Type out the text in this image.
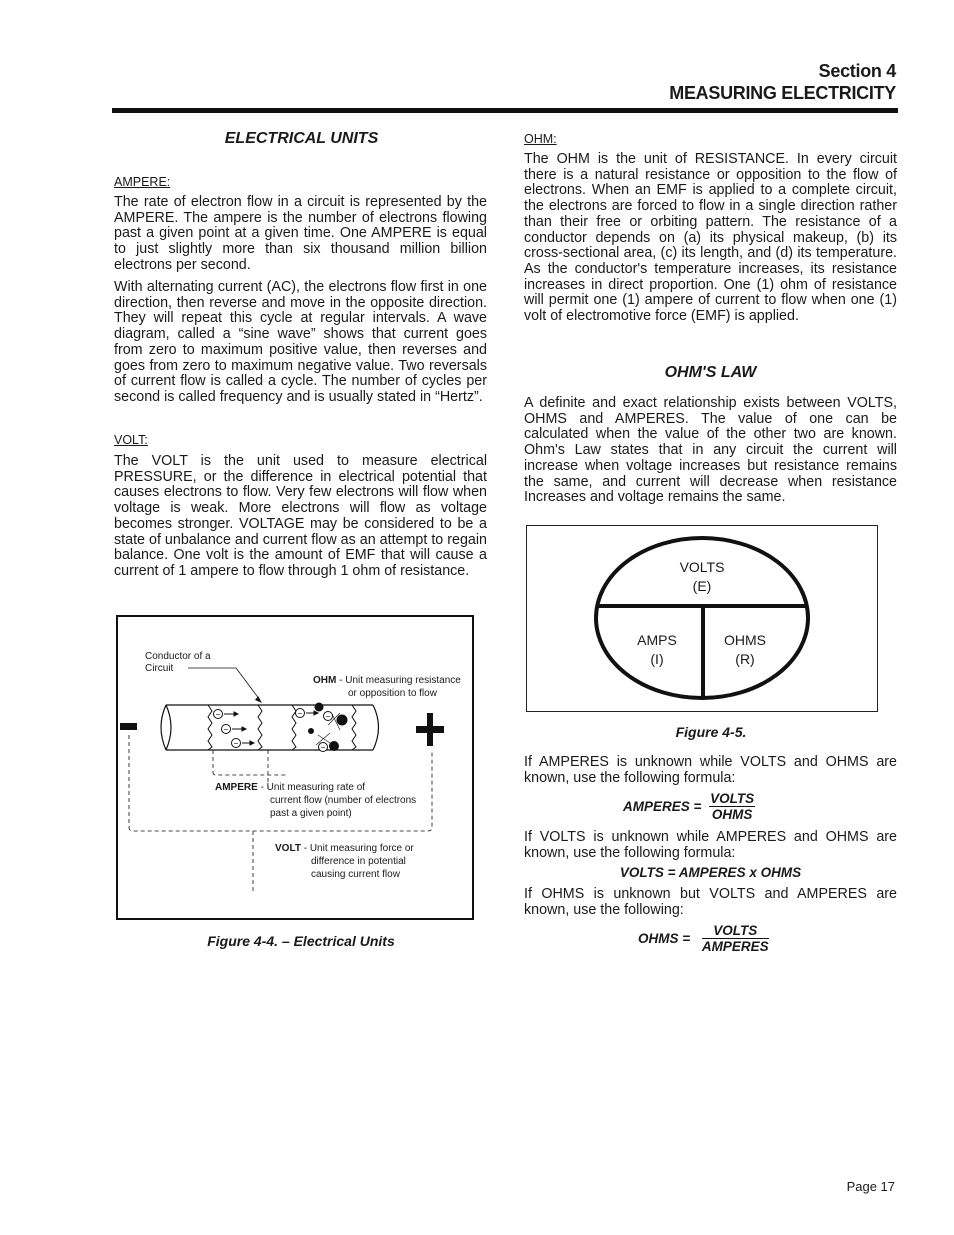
Section 4
MEASURING ELECTRICITY
ELECTRICAL UNITS
AMPERE:

The rate of electron flow in a circuit is represented by the AMPERE. The ampere is the number of electrons flowing past a given point at a given time. One AMPERE is equal to just slightly more than six thousand million billion electrons per second.

With alternating current (AC), the electrons flow first in one direction, then reverse and move in the opposite direction. They will repeat this cycle at regular intervals. A wave diagram, called a “sine wave” shows that current goes from zero to maximum positive value, then reverses and goes from zero to maximum negative value. Two reversals of current flow is called a cycle. The number of cycles per second is called frequency and is usually stated in “Hertz”.

VOLT:

The VOLT is the unit used to measure electrical PRESSURE, or the difference in electrical potential that causes electrons to flow. Very few electrons will flow when voltage is weak. More electrons will flow as voltage becomes stronger. VOLTAGE may be considered to be a state of unbalance and current flow as an attempt to regain balance. One volt is the amount of EMF that will cause a current of 1 ampere to flow through 1 ohm of resistance.

−
−
−
−	−
−
Conductor of a
Circuit
OHM - Unit measuring resistance
or opposition to flow
AMPERE - Unit measuring rate of
current flow (number of electrons
past a given point)
VOLT - Unit measuring force or
difference in potential
causing current flow
Figure 4-4. – Electrical Units
OHM:

The OHM is the unit of RESISTANCE. In every circuit there is a natural resistance or opposition to the flow of electrons. When an EMF is applied to a complete circuit, the electrons are forced to flow in a single direction rather than their free or orbiting pattern. The resistance of a conductor depends on (a) its physical makeup, (b) its cross-sectional area, (c) its length, and (d) its temperature. As the conductor's temperature increases, its resistance increases in direct proportion. One (1) ohm of resistance will permit one (1) ampere of current to flow when one (1) volt of electromotive force (EMF) is applied.

OHM'S LAW

A definite and exact relationship exists between VOLTS, OHMS and AMPERES. The value of one can be calculated when the value of the other two are known. Ohm's Law states that in any circuit the current will increase when voltage increases but resistance remains the same, and current will decrease when resistance Increases and voltage remains the same.

VOLTS
(E)
AMPS
(I)
OHMS
(R)
Figure 4-5.

If AMPERES is unknown while VOLTS and OHMS are known, use the following formula:

AMPERES = $\frac{\text{VOLTS}}{\text{OHMS}}$

If VOLTS is unknown while AMPERES and OHMS are known, use the following formula:

VOLTS = AMPERES x OHMS

If OHMS is unknown but VOLTS and AMPERES are known, use the following:

OHMS = $\frac{\text{VOLTS}}{\text{AMPERES}}$
Page 17
